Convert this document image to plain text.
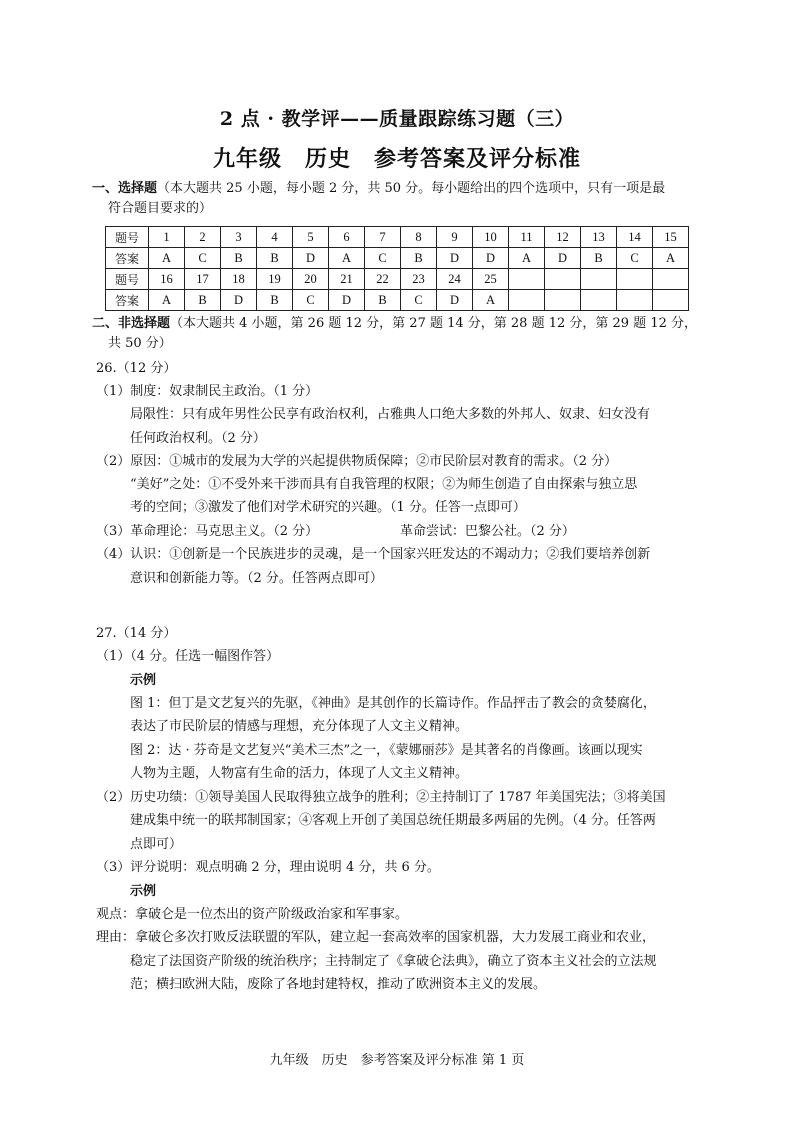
2 点 · 教学评——质量跟踪练习题（三）
九年级　历史　参考答案及评分标准
一、选择题（本大题共 25 小题，每小题 2 分，共 50 分。每小题给出的四个选项中，只有一项是最
符合题目要求的）
题号	1	2	3	4	5	6	7	8	9	10	11	12	13	14	15
答案	A	C	B	B	D	A	C	B	D	D	A	D	B	C	A
题号	16	17	18	19	20	21	22	23	24	25					
答案	A	B	D	B	C	D	B	C	D	A					
二、非选择题（本大题共 4 小题，第 26 题 12 分，第 27 题 14 分，第 28 题 12 分，第 29 题 12 分，
共 50 分）
26.（12 分）
（1）制度：奴隶制民主政治。（1 分）
局限性：只有成年男性公民享有政治权利，占雅典人口绝大多数的外邦人、奴隶、妇女没有
任何政治权利。（2 分）
（2）原因：①城市的发展为大学的兴起提供物质保障；②市民阶层对教育的需求。（2 分）
“美好”之处：①不受外来干涉而具有自我管理的权限；②为师生创造了自由探索与独立思
考的空间；③激发了他们对学术研究的兴趣。（1 分。任答一点即可）
（3）革命理论：马克思主义。（2 分）	革命尝试：巴黎公社。（2 分）
（4）认识：①创新是一个民族进步的灵魂，是一个国家兴旺发达的不竭动力；②我们要培养创新
意识和创新能力等。（2 分。任答两点即可）
27.（14 分）
（1）（4 分。任选一幅图作答）
示例
图 1：但丁是文艺复兴的先驱，《神曲》是其创作的长篇诗作。作品抨击了教会的贪婪腐化，
表达了市民阶层的情感与理想，充分体现了人文主义精神。
图 2：达 · 芬奇是文艺复兴“美术三杰”之一，《蒙娜丽莎》是其著名的肖像画。该画以现实
人物为主题，人物富有生命的活力，体现了人文主义精神。
（2）历史功绩：①领导美国人民取得独立战争的胜利；②主持制订了 1787 年美国宪法；③将美国
建成集中统一的联邦制国家；④客观上开创了美国总统任期最多两届的先例。（4 分。任答两
点即可）
（3）评分说明：观点明确 2 分，理由说明 4 分，共 6 分。
示例
观点：拿破仑是一位杰出的资产阶级政治家和军事家。
理由：拿破仑多次打败反法联盟的军队，建立起一套高效率的国家机器，大力发展工商业和农业，
稳定了法国资产阶级的统治秩序；主持制定了《拿破仑法典》，确立了资本主义社会的立法规
范；横扫欧洲大陆，废除了各地封建特权，推动了欧洲资本主义的发展。
九年级　历史　参考答案及评分标准 第 1 页
